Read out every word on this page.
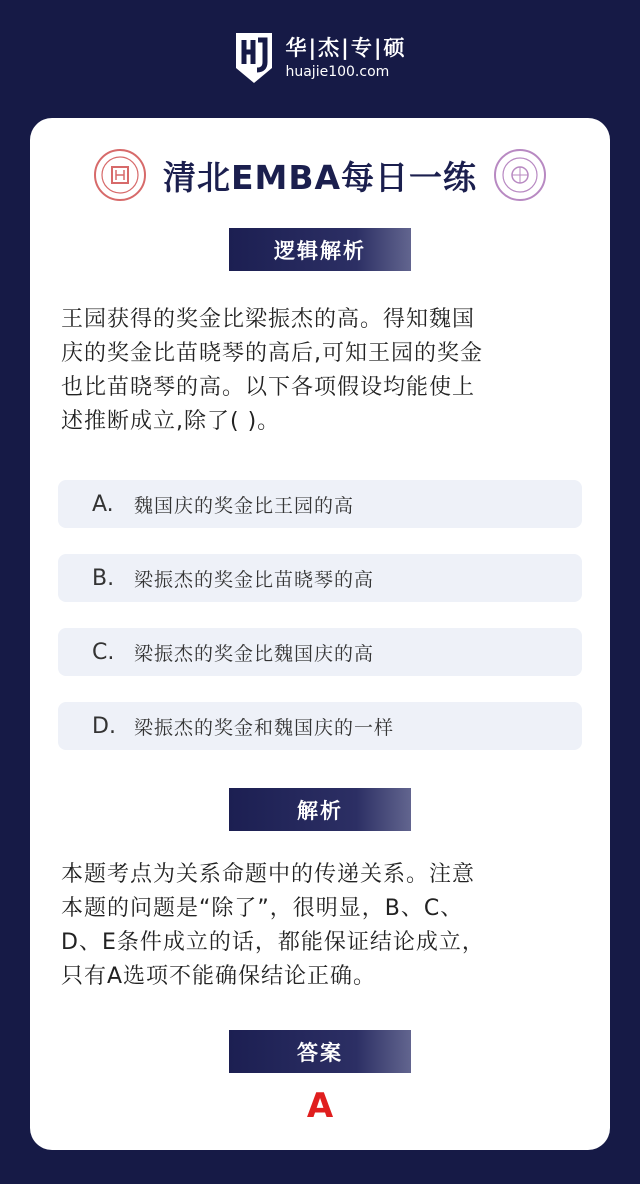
华|杰|专|硕
huajie100.com
清北EMBA每日一练
逻辑解析
王园获得的奖金比梁振杰的高。得知魏国
庆的奖金比苗晓琴的高后,可知王园的奖金
也比苗晓琴的高。以下各项假设均能使上
述推断成立,除了( )。
A.	魏国庆的奖金比王园的高
B.	梁振杰的奖金比苗晓琴的高
C.	梁振杰的奖金比魏国庆的高
D. 梁振杰的奖金和魏国庆的一样
解析
本题考点为关系命题中的传递关系。注意
本题的问题是“除了”，很明显，B、C、
D、E条件成立的话，都能保证结论成立，
只有A选项不能确保结论正确。
答案
A
